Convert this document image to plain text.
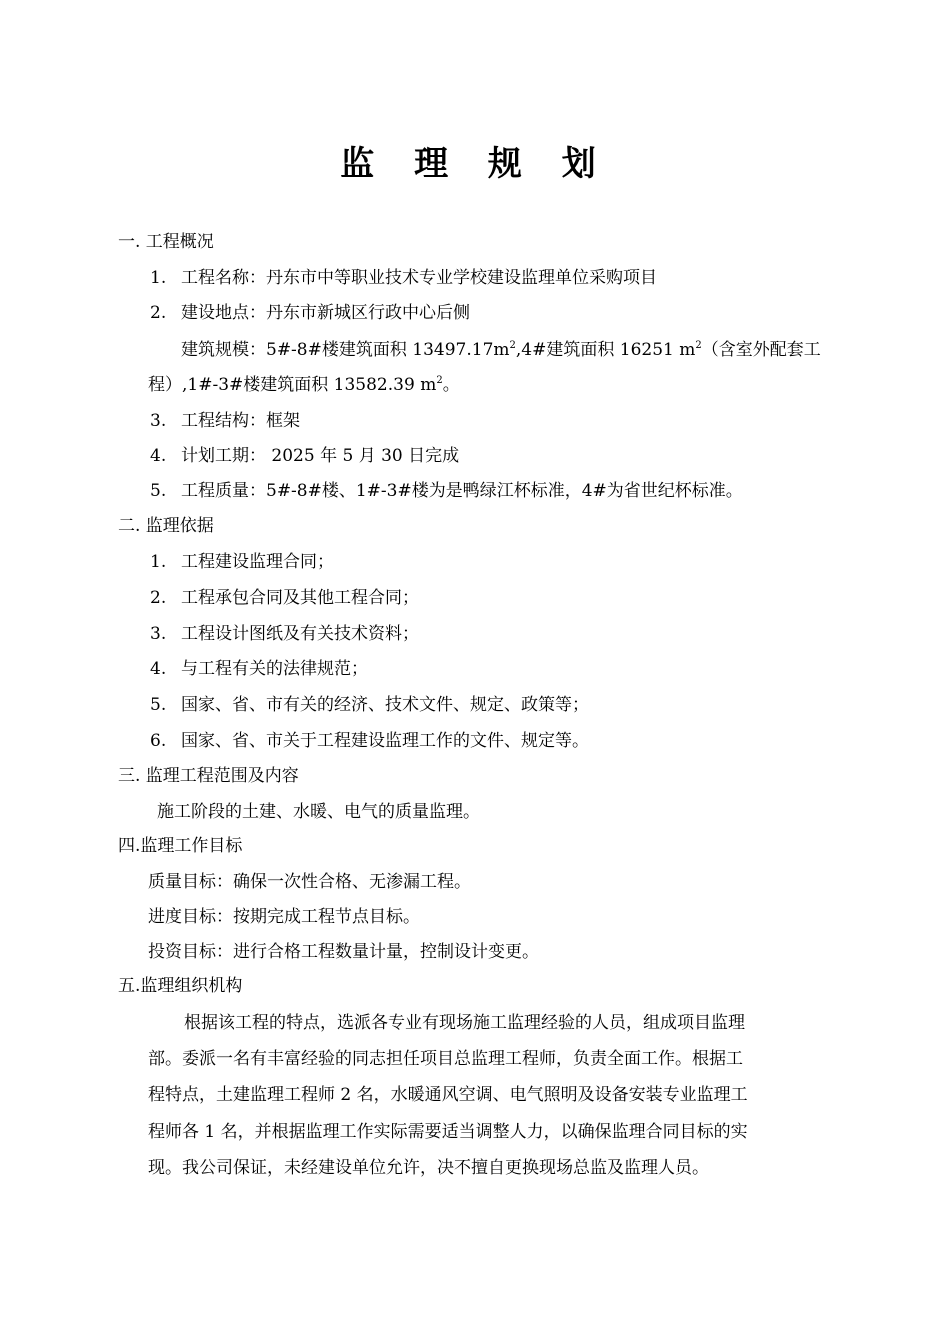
监 理 规 划
一. 工程概况
1. 工程名称：丹东市中等职业技术专业学校建设监理单位采购项目
2. 建设地点：丹东市新城区行政中心后侧
建筑规模：5#-8#楼建筑面积 $13497.17m^2,4\#$建筑面积 16251 $m^2$（含室外配套工
程）,1#-3#楼建筑面积 13582.39 $m^2$。
3. 工程结构：框架
4. 计划工期： 2025 年 5 月 30 日完成
5. 工程质量：5#-8#楼、1#-3#楼为是鸭绿江杯标准，4#为省世纪杯标准。
二. 监理依据
1. 工程建设监理合同；
2. 工程承包合同及其他工程合同；
3. 工程设计图纸及有关技术资料；
4. 与工程有关的法律规范；
5. 国家、省、市有关的经济、技术文件、规定、政策等；
6. 国家、省、市关于工程建设监理工作的文件、规定等。
三. 监理工程范围及内容
施工阶段的土建、水暖、电气的质量监理。
四.监理工作目标
质量目标：确保一次性合格、无渗漏工程。
进度目标：按期完成工程节点目标。
投资目标：进行合格工程数量计量，控制设计变更。
五.监理组织机构
根据该工程的特点，选派各专业有现场施工监理经验的人员，组成项目监理
部。委派一名有丰富经验的同志担任项目总监理工程师，负责全面工作。根据工
程特点，土建监理工程师 2 名，水暖通风空调、电气照明及设备安装专业监理工
程师各 1 名，并根据监理工作实际需要适当调整人力，以确保监理合同目标的实
现。我公司保证，未经建设单位允许，决不擅自更换现场总监及监理人员。
